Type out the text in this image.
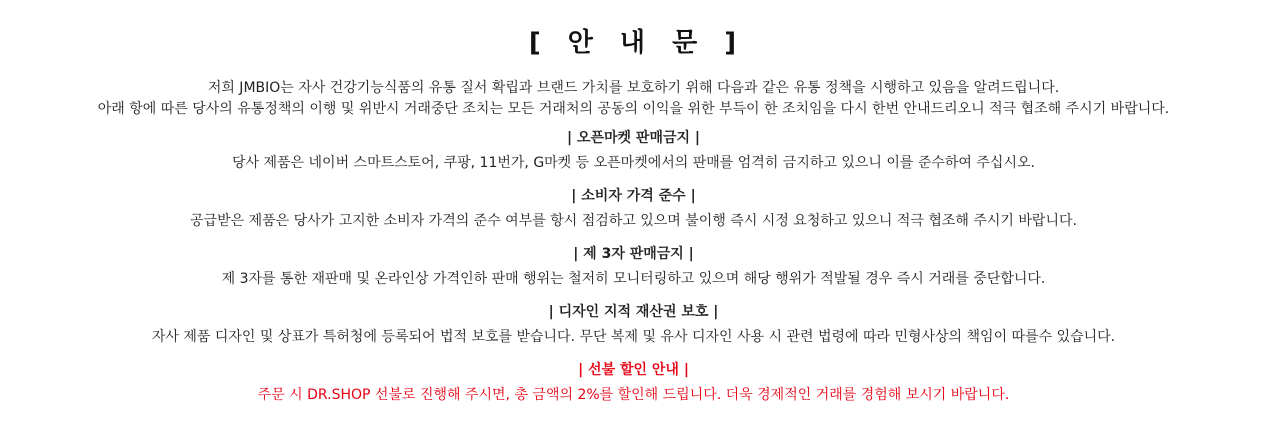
[ 안 내 문 ]

저희 JMBIO는 자사 건강기능식품의 유통 질서 확립과 브랜드 가치를 보호하기 위해 다음과 같은 유통 정책을 시행하고 있음을 알려드립니다.

아래 항에 따른 당사의 유통정책의 이행 및 위반시 거래중단 조치는 모든 거래처의 공동의 이익을 위한 부득이 한 조치임을 다시 한번 안내드리오니 적극 협조해 주시기 바랍니다.

| 오픈마켓 판매금지 |

당사 제품은 네이버 스마트스토어, 쿠팡, 11번가, G마켓 등 오픈마켓에서의 판매를 엄격히 금지하고 있으니 이를 준수하여 주십시오.

| 소비자 가격 준수 |

공급받은 제품은 당사가 고지한 소비자 가격의 준수 여부를 항시 점검하고 있으며 불이행 즉시 시정 요청하고 있으니 적극 협조해 주시기 바랍니다.

| 제 3자 판매금지 |

제 3자를 통한 재판매 및 온라인상 가격인하 판매 행위는 철저히 모니터링하고 있으며 해당 행위가 적발될 경우 즉시 거래를 중단합니다.

| 디자인 지적 재산권 보호 |

자사 제품 디자인 및 상표가 특허청에 등록되어 법적 보호를 받습니다. 무단 복제 및 유사 디자인 사용 시 관련 법령에 따라 민형사상의 책임이 따를수 있습니다.

| 선불 할인 안내 |

주문 시 DR.SHOP 선불로 진행해 주시면, 총 금액의 2%를 할인해 드립니다. 더욱 경제적인 거래를 경험해 보시기 바랍니다.
